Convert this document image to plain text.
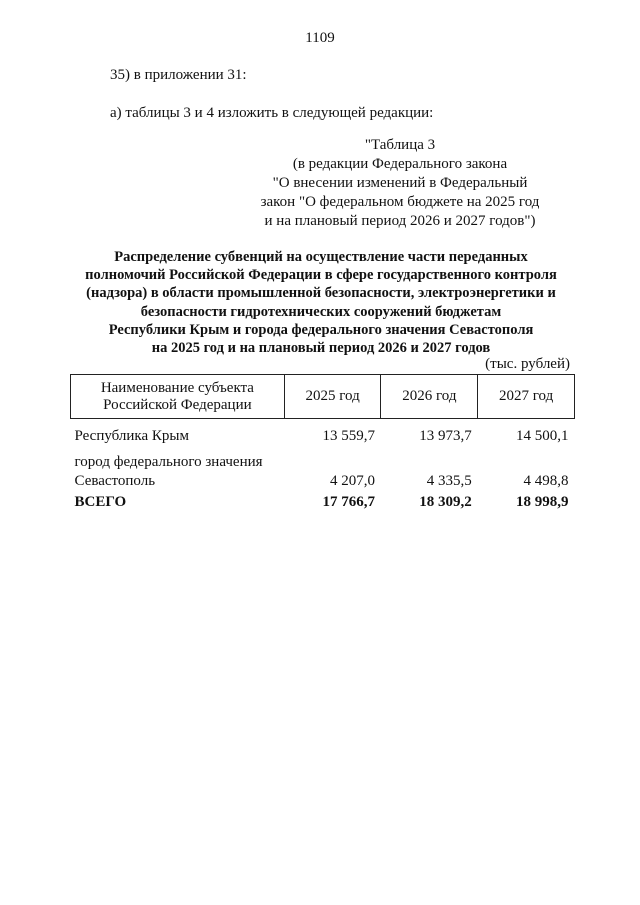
1109
35) в приложении 31:
а) таблицы 3 и 4 изложить в следующей редакции:
"Таблица 3
(в редакции Федерального закона
"О внесении изменений в Федеральный
закон "О федеральном бюджете на 2025 год
и на плановый период 2026 и 2027 годов")
Распределение субвенций на осуществление части переданных
полномочий Российской Федерации в сфере государственного контроля
(надзора) в области промышленной безопасности, электроэнергетики и
безопасности гидротехнических сооружений бюджетам
Республики Крым и города федерального значения Севастополя
на 2025 год и на плановый период 2026 и 2027 годов
(тыс. рублей)
Наименование субъекта
Российской Федерации	2025 год	2026 год	2027 год
Республика Крым	13 559,7	13 973,7	14 500,1

город федерального значения
Севастополь	4 207,0	4 335,5	4 498,8
ВСЕГО	17 766,7	18 309,2	18 998,9
